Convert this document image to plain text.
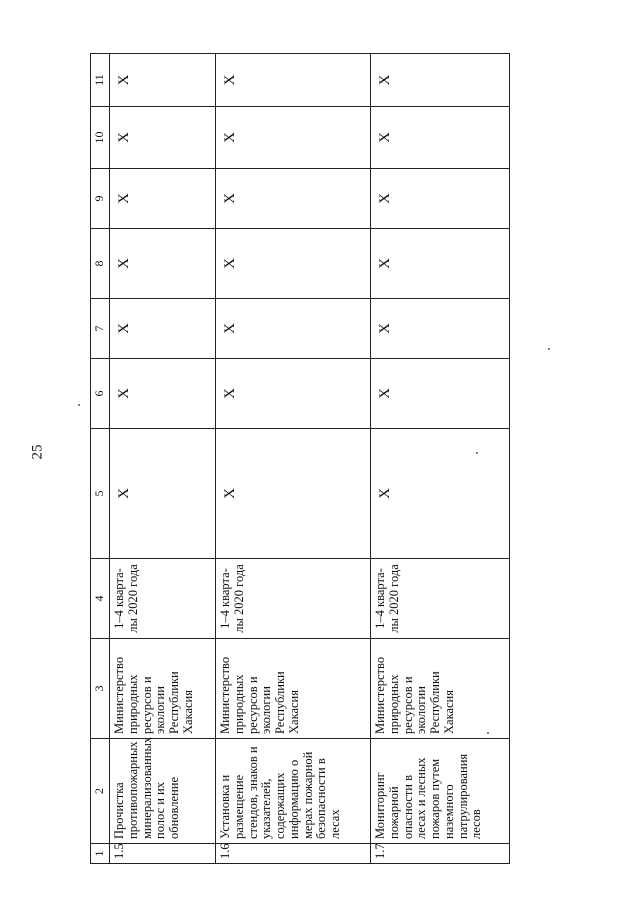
25
1	2	3	4	5	6	7	8	9	10	11
1.5	Прочистка противопожарных минерализованных полос и их обновление	Министерство природных ресурсов и экологии Республики Хакасия	1–4 кварта-лы 2020 года	Х	Х	Х	Х	Х	Х	Х
1.6	Установка и размещение стендов, знаков и указателей, содержащих информацию о мерах пожарной безопасности в лесах	Министерство природных ресурсов и экологии Республики Хакасия	1–4 кварта-лы 2020 года	Х	Х	Х	Х	Х	Х	Х
1.7	Мониторинг пожарной опасности в лесах и лесных пожаров путем наземного патрулирования лесов	Министерство природных ресурсов и экологии Республики Хакасия	1–4 кварта-лы 2020 года	Х	Х	Х	Х	Х	Х	Х
